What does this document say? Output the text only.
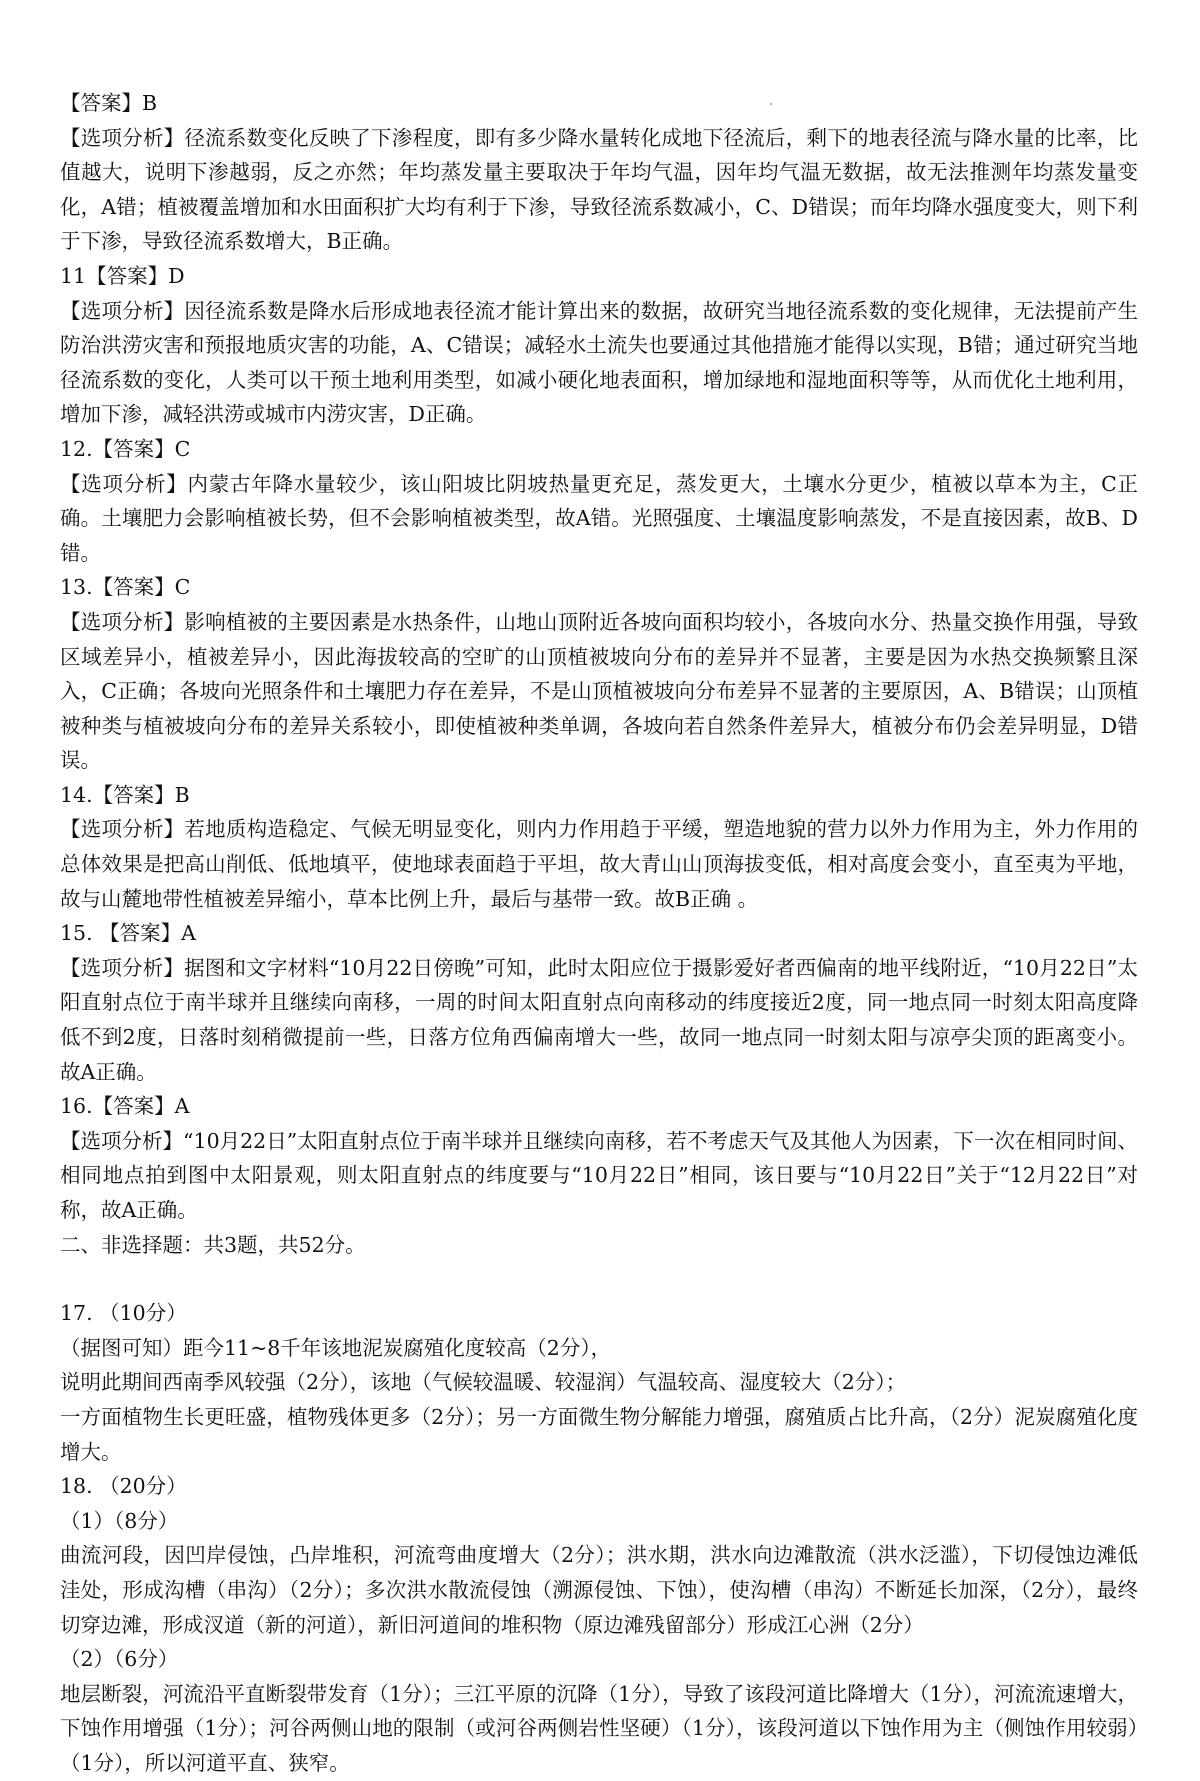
【答案】B

【选项分析】径流系数变化反映了下渗程度，即有多少降水量转化成地下径流后，剩下的地表径流与降水量的比率，比值越大，说明下渗越弱，反之亦然；年均蒸发量主要取决于年均气温，因年均气温无数据，故无法推测年均蒸发量变化，A错；植被覆盖增加和水田面积扩大均有利于下渗，导致径流系数减小，C、D错误；而年均降水强度变大，则下利于下渗，导致径流系数增大，B正确。

11【答案】D

【选项分析】因径流系数是降水后形成地表径流才能计算出来的数据，故研究当地径流系数的变化规律，无法提前产生防治洪涝灾害和预报地质灾害的功能，A、C错误；减轻水土流失也要通过其他措施才能得以实现，B错；通过研究当地径流系数的变化，人类可以干预土地利用类型，如减小硬化地表面积，增加绿地和湿地面积等等，从而优化土地利用，增加下渗，减轻洪涝或城市内涝灾害，D正确。

12.【答案】C

【选项分析】内蒙古年降水量较少，该山阳坡比阴坡热量更充足，蒸发更大，土壤水分更少，植被以草本为主，C正确。土壤肥力会影响植被长势，但不会影响植被类型，故A错。光照强度、土壤温度影响蒸发，不是直接因素，故B、D错。

13.【答案】C

【选项分析】影响植被的主要因素是水热条件，山地山顶附近各坡向面积均较小，各坡向水分、热量交换作用强，导致区域差异小，植被差异小，因此海拔较高的空旷的山顶植被坡向分布的差异并不显著，主要是因为水热交换频繁且深入，C正确；各坡向光照条件和土壤肥力存在差异，不是山顶植被坡向分布差异不显著的主要原因，A、B错误；山顶植被种类与植被坡向分布的差异关系较小，即使植被种类单调，各坡向若自然条件差异大，植被分布仍会差异明显，D错误。

14.【答案】B

【选项分析】若地质构造稳定、气候无明显变化，则内力作用趋于平缓，塑造地貌的营力以外力作用为主，外力作用的总体效果是把高山削低、低地填平，使地球表面趋于平坦，故大青山山顶海拔变低，相对高度会变小，直至夷为平地，故与山麓地带性植被差异缩小，草本比例上升，最后与基带一致。故B正确 。

15. 【答案】A

【选项分析】据图和文字材料“10月22日傍晚”可知，此时太阳应位于摄影爱好者西偏南的地平线附近，“10月22日”太阳直射点位于南半球并且继续向南移，一周的时间太阳直射点向南移动的纬度接近2度，同一地点同一时刻太阳高度降低不到2度，日落时刻稍微提前一些，日落方位角西偏南增大一些，故同一地点同一时刻太阳与凉亭尖顶的距离变小。故A正确。

16.【答案】A

【选项分析】“10月22日”太阳直射点位于南半球并且继续向南移，若不考虑天气及其他人为因素，下一次在相同时间、相同地点拍到图中太阳景观，则太阳直射点的纬度要与“10月22日”相同，该日要与“10月22日”关于“12月22日”对称，故A正确。

二、非选择题：共3题，共52分。

17. （10分）

（据图可知）距今11~8千年该地泥炭腐殖化度较高（2分），

说明此期间西南季风较强（2分），该地（气候较温暖、较湿润）气温较高、湿度较大（2分）；

一方面植物生长更旺盛，植物残体更多（2分）；另一方面微生物分解能力增强，腐殖质占比升高，（2分）泥炭腐殖化度增大。

18. （20分）

（1）（8分）

曲流河段，因凹岸侵蚀，凸岸堆积，河流弯曲度增大（2分）；洪水期，洪水向边滩散流（洪水泛滥），下切侵蚀边滩低洼处，形成沟槽（串沟）（2分）；多次洪水散流侵蚀（溯源侵蚀、下蚀），使沟槽（串沟）不断延长加深，（2分），最终切穿边滩，形成汊道（新的河道），新旧河道间的堆积物（原边滩残留部分）形成江心洲（2分）

（2）（6分）

地层断裂，河流沿平直断裂带发育（1分）；三江平原的沉降（1分），导致了该段河道比降增大（1分），河流流速增大，下蚀作用增强（1分）；河谷两侧山地的限制（或河谷两侧岩性坚硬）（1分），该段河道以下蚀作用为主（侧蚀作用较弱）（1分），所以河道平直、狭窄。
